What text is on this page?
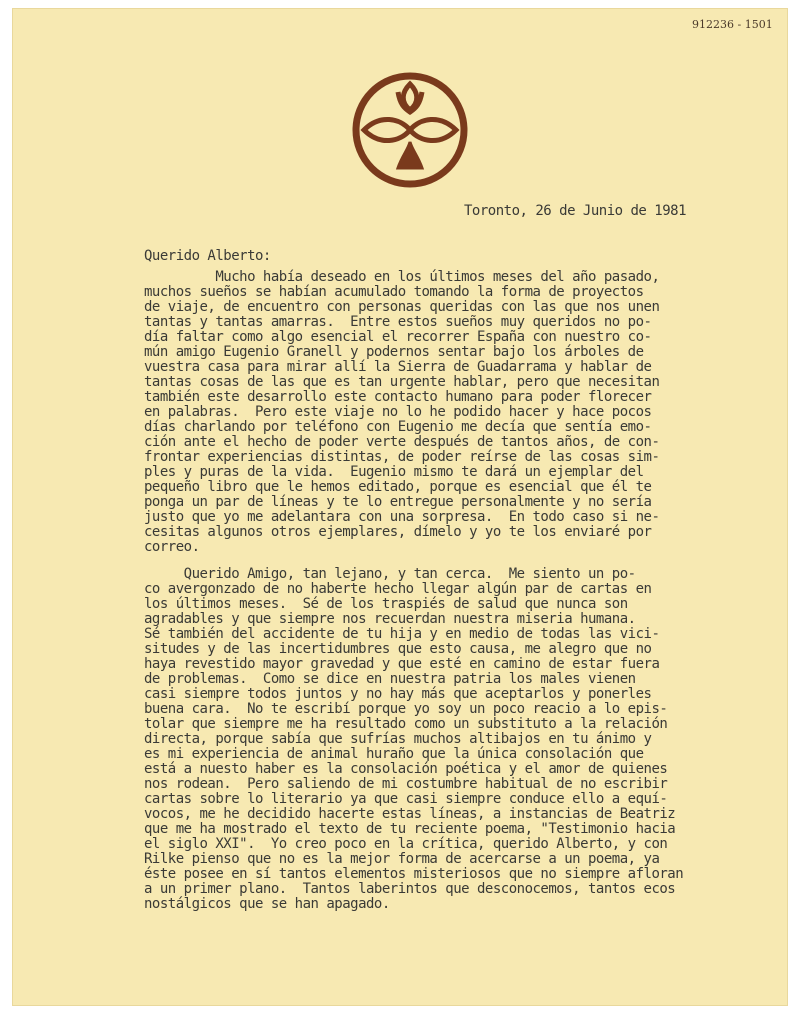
912236 - 1501
Toronto, 26 de Junio de 1981
Querido Alberto:
Mucho había deseado en los últimos meses del año pasado,
muchos sueños se habían acumulado tomando la forma de proyectos
de viaje, de encuentro con personas queridas con las que nos unen
tantas y tantas amarras.  Entre estos sueños muy queridos no po-
día faltar como algo esencial el recorrer España con nuestro co-
mún amigo Eugenio Granell y podernos sentar bajo los árboles de
vuestra casa para mirar allí la Sierra de Guadarrama y hablar de
tantas cosas de las que es tan urgente hablar, pero que necesitan
también este desarrollo este contacto humano para poder florecer
en palabras.  Pero este viaje no lo he podido hacer y hace pocos
días charlando por teléfono con Eugenio me decía que sentía emo-
ción ante el hecho de poder verte después de tantos años, de con-
frontar experiencias distintas, de poder reírse de las cosas sim-
ples y puras de la vida.  Eugenio mismo te dará un ejemplar del
pequeño libro que le hemos editado, porque es esencial que él te
ponga un par de líneas y te lo entregue personalmente y no sería
justo que yo me adelantara con una sorpresa.  En todo caso si ne-
cesitas algunos otros ejemplares, dímelo y yo te los enviaré por
correo.
Querido Amigo, tan lejano, y tan cerca.  Me siento un po-
co avergonzado de no haberte hecho llegar algún par de cartas en
los últimos meses.  Sé de los traspiés de salud que nunca son
agradables y que siempre nos recuerdan nuestra miseria humana.
Sé también del accidente de tu hija y en medio de todas las vici-
situdes y de las incertidumbres que esto causa, me alegro que no
haya revestido mayor gravedad y que esté en camino de estar fuera
de problemas.  Como se dice en nuestra patria los males vienen
casi siempre todos juntos y no hay más que aceptarlos y ponerles
buena cara.  No te escribí porque yo soy un poco reacio a lo epis-
tolar que siempre me ha resultado como un substituto a la relación
directa, porque sabía que sufrías muchos altibajos en tu ánimo y
es mi experiencia de animal huraño que la única consolación que
está a nuesto haber es la consolación poética y el amor de quienes
nos rodean.  Pero saliendo de mi costumbre habitual de no escribir
cartas sobre lo literario ya que casi siempre conduce ello a equí-
vocos, me he decidido hacerte estas líneas, a instancias de Beatriz
que me ha mostrado el texto de tu reciente poema, "Testimonio hacia
el siglo XXI".  Yo creo poco en la crítica, querido Alberto, y con
Rilke pienso que no es la mejor forma de acercarse a un poema, ya
éste posee en sí tantos elementos misteriosos que no siempre afloran
a un primer plano.  Tantos laberintos que desconocemos, tantos ecos
nostálgicos que se han apagado.
